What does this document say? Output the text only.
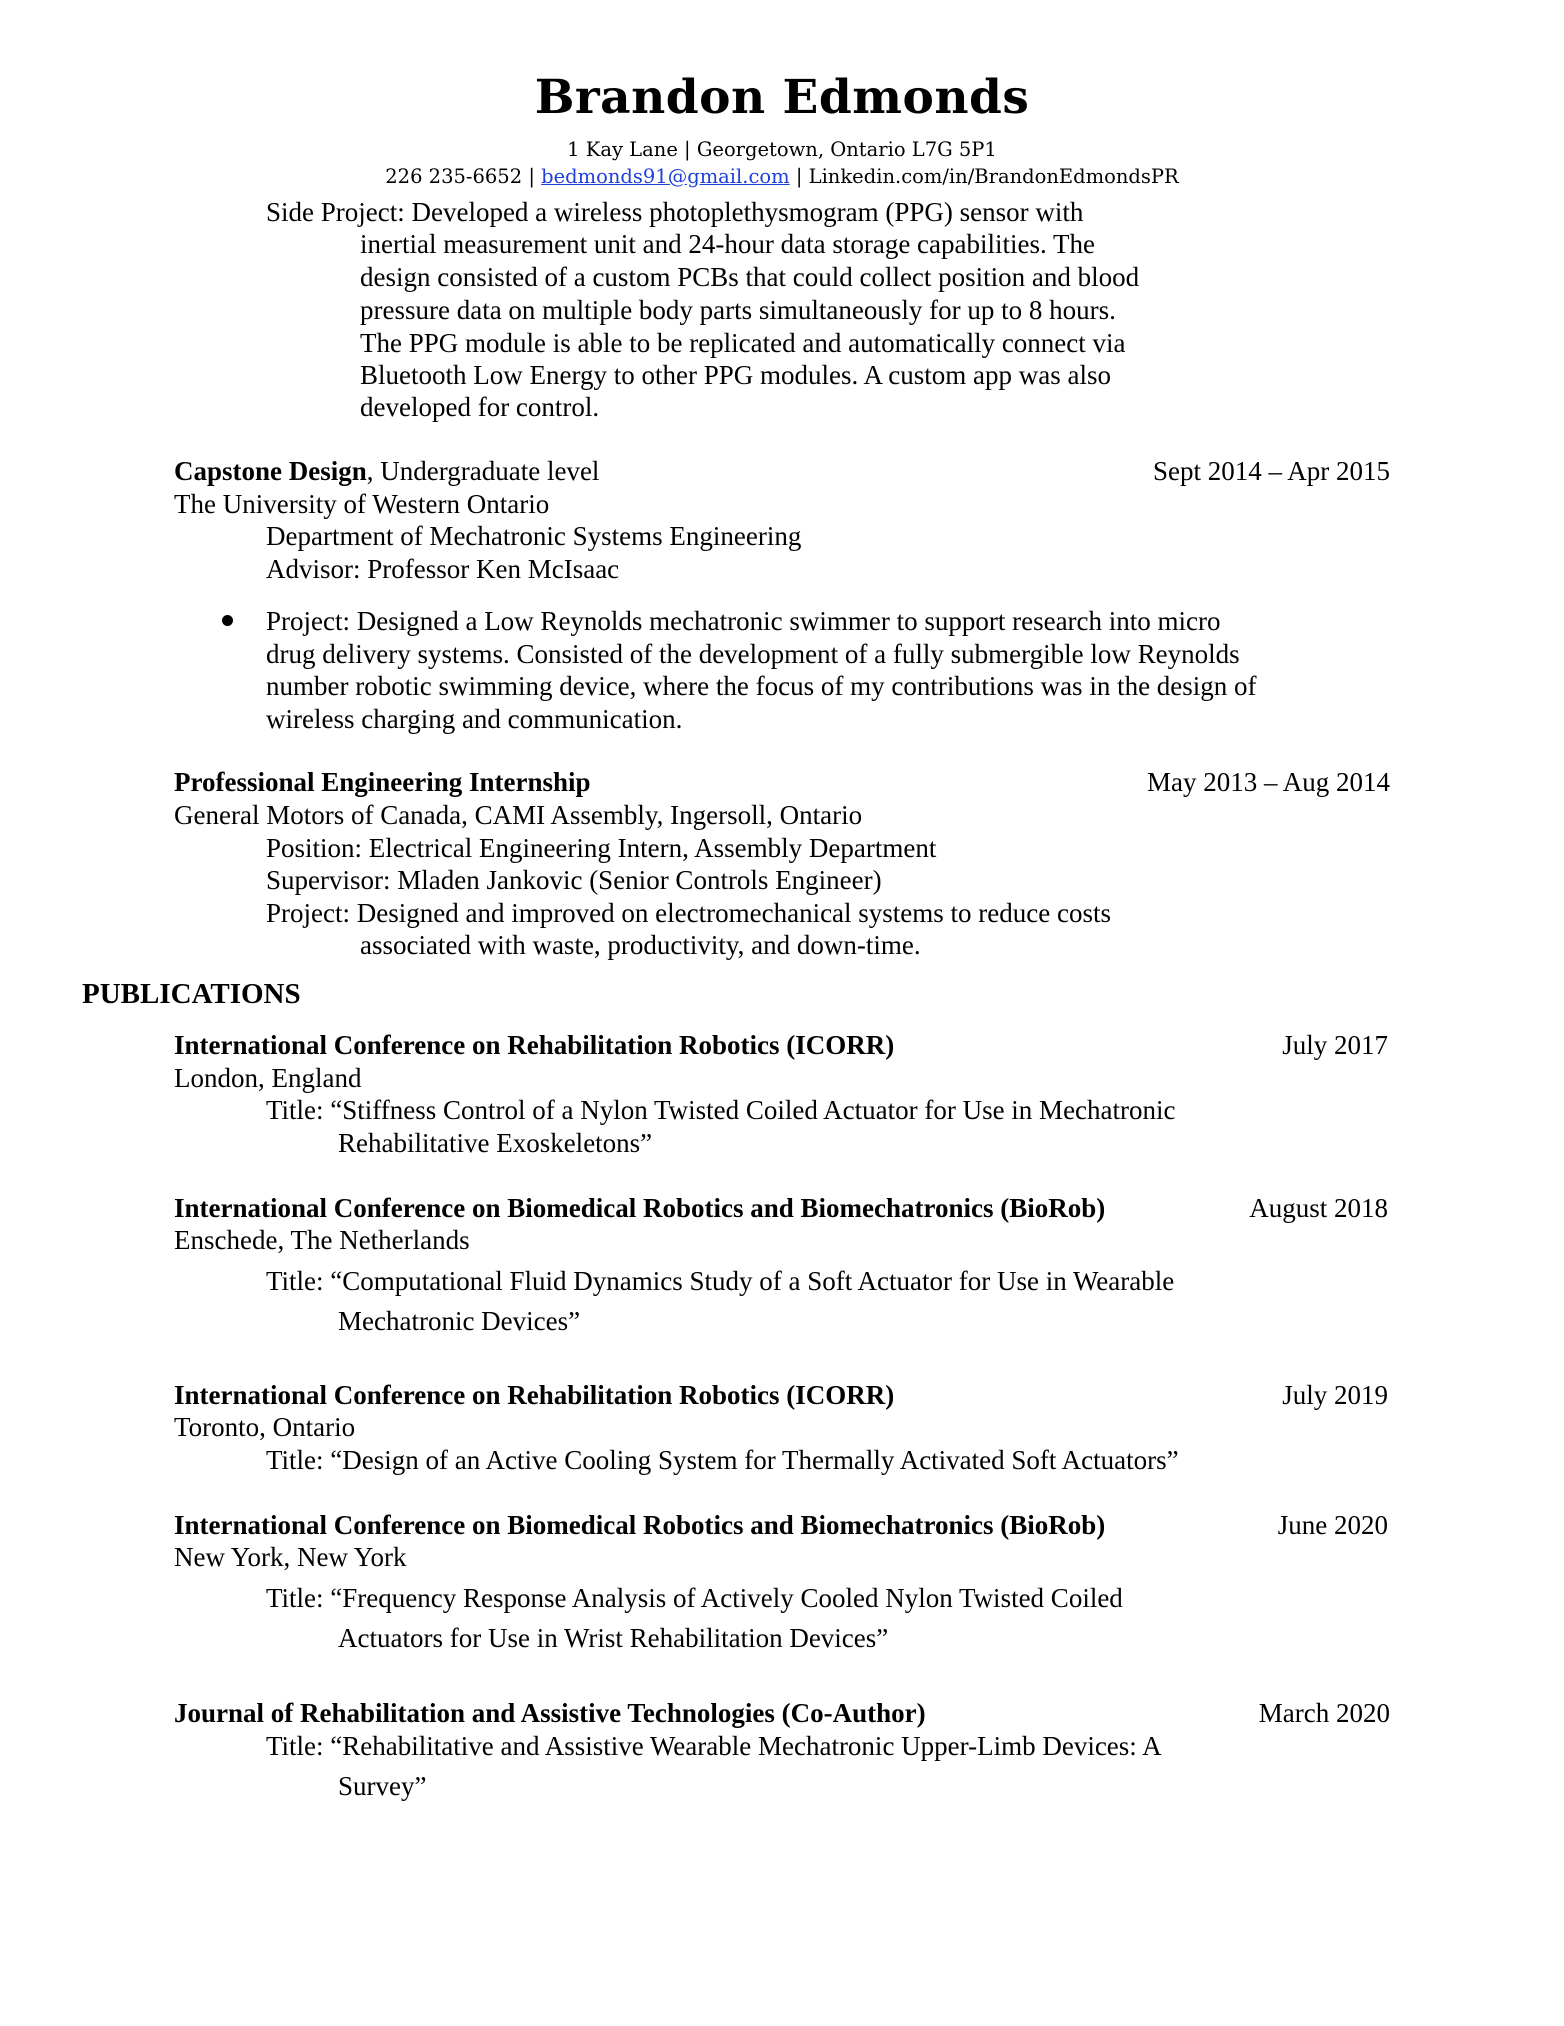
Brandon Edmonds
1 Kay Lane | Georgetown, Ontario L7G 5P1
226 235-6652 | bedmonds91@gmail.com | Linkedin.com/in/BrandonEdmondsPR
Side Project: Developed a wireless photoplethysmogram (PPG) sensor with
inertial measurement unit and 24-hour data storage capabilities. The
design consisted of a custom PCBs that could collect position and blood
pressure data on multiple body parts simultaneously for up to 8 hours.
The PPG module is able to be replicated and automatically connect via
Bluetooth Low Energy to other PPG modules. A custom app was also
developed for control.
Capstone Design, Undergraduate level	Sept 2014 – Apr 2015
The University of Western Ontario
Department of Mechatronic Systems Engineering
Advisor: Professor Ken McIsaac
Project: Designed a Low Reynolds mechatronic swimmer to support research into micro
drug delivery systems. Consisted of the development of a fully submergible low Reynolds
number robotic swimming device, where the focus of my contributions was in the design of
wireless charging and communication.
Professional Engineering Internship	May 2013 – Aug 2014
General Motors of Canada, CAMI Assembly, Ingersoll, Ontario
Position: Electrical Engineering Intern, Assembly Department
Supervisor: Mladen Jankovic (Senior Controls Engineer)
Project: Designed and improved on electromechanical systems to reduce costs
associated with waste, productivity, and down-time.
PUBLICATIONS
International Conference on Rehabilitation Robotics (ICORR)	July 2017
London, England
Title: “Stiffness Control of a Nylon Twisted Coiled Actuator for Use in Mechatronic
Rehabilitative Exoskeletons”
International Conference on Biomedical Robotics and Biomechatronics (BioRob)	August 2018
Enschede, The Netherlands
Title: “Computational Fluid Dynamics Study of a Soft Actuator for Use in Wearable
Mechatronic Devices”
International Conference on Rehabilitation Robotics (ICORR)	July 2019
Toronto, Ontario
Title: “Design of an Active Cooling System for Thermally Activated Soft Actuators”
International Conference on Biomedical Robotics and Biomechatronics (BioRob)	June 2020
New York, New York
Title: “Frequency Response Analysis of Actively Cooled Nylon Twisted Coiled
Actuators for Use in Wrist Rehabilitation Devices”
Journal of Rehabilitation and Assistive Technologies (Co-Author)	March 2020
Title: “Rehabilitative and Assistive Wearable Mechatronic Upper-Limb Devices: A
Survey”
